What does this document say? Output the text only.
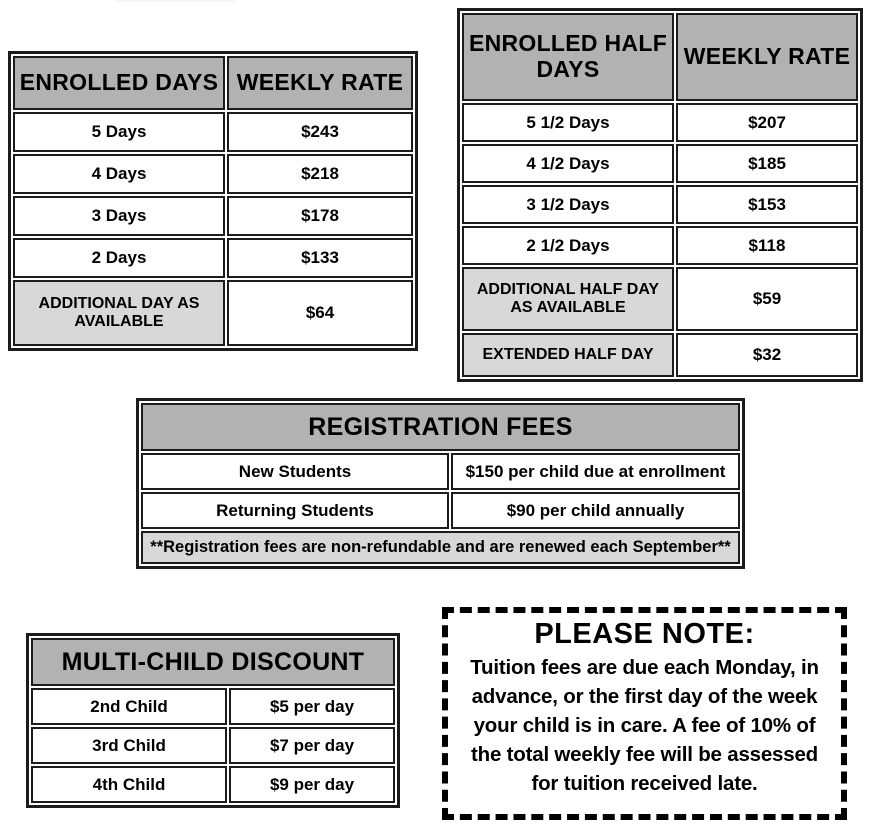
ENROLLED DAYS	WEEKLY RATE
5 Days	$243
4 Days	$218
3 Days	$178
2 Days	$133
ADDITIONAL DAY AS AVAILABLE	$64
ENROLLED HALF DAYS	WEEKLY RATE
5 1/2 Days	$207
4 1/2 Days	$185
3 1/2 Days	$153
2 1/2 Days	$118
ADDITIONAL HALF DAY AS AVAILABLE	$59
EXTENDED HALF DAY	$32
REGISTRATION FEES	
New Students	$150 per child due at enrollment
Returning Students	$90 per child annually
**Registration fees are non-refundable and are renewed each September**	
MULTI-CHILD DISCOUNT	
2nd Child	$5 per day
3rd Child	$7 per day
4th Child	$9 per day
PLEASE NOTE:
Tuition fees are due each Monday, in advance, or the first day of the week your child is in care. A fee of 10% of the total weekly fee will be assessed for tuition received late.
